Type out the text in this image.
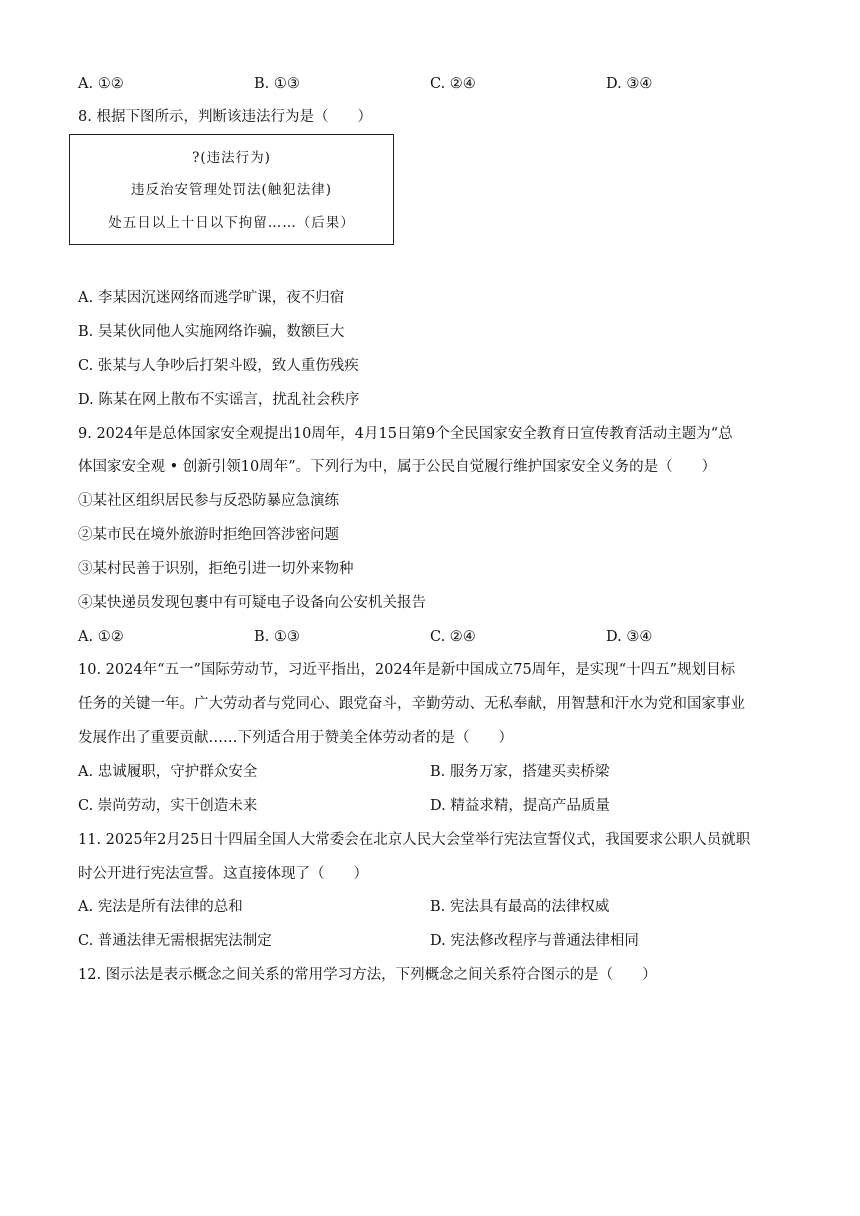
A. ①②	B. ①③	C. ②④	D. ③④
8. 根据下图所示，判断该违法行为是（　　）
?(违法行为)
违反治安管理处罚法(触犯法律)
处五日以上十日以下拘留……（后果）
A. 李某因沉迷网络而逃学旷课，夜不归宿
B. 吴某伙同他人实施网络诈骗，数额巨大
C. 张某与人争吵后打架斗殴，致人重伤残疾
D. 陈某在网上散布不实谣言，扰乱社会秩序
9. 2024年是总体国家安全观提出10周年，4月15日第9个全民国家安全教育日宣传教育活动主题为“总
体国家安全观 • 创新引领10周年”。下列行为中，属于公民自觉履行维护国家安全义务的是（　　）
①某社区组织居民参与反恐防暴应急演练
②某市民在境外旅游时拒绝回答涉密问题
③某村民善于识别，拒绝引进一切外来物种
④某快递员发现包裹中有可疑电子设备向公安机关报告
A. ①②	B. ①③	C. ②④	D. ③④
10. 2024年“五一”国际劳动节，习近平指出，2024年是新中国成立75周年，是实现“十四五”规划目标
任务的关键一年。广大劳动者与党同心、跟党奋斗，辛勤劳动、无私奉献，用智慧和汗水为党和国家事业
发展作出了重要贡献……下列适合用于赞美全体劳动者的是（　　）
A. 忠诚履职，守护群众安全	B. 服务万家，搭建买卖桥梁
C. 崇尚劳动，实干创造未来	D. 精益求精，提高产品质量
11. 2025年2月25日十四届全国人大常委会在北京人民大会堂举行宪法宣誓仪式，我国要求公职人员就职
时公开进行宪法宣誓。这直接体现了（　　）
A. 宪法是所有法律的总和	B. 宪法具有最高的法律权威
C. 普通法律无需根据宪法制定	D. 宪法修改程序与普通法律相同
12. 图示法是表示概念之间关系的常用学习方法，下列概念之间关系符合图示的是（　　）
